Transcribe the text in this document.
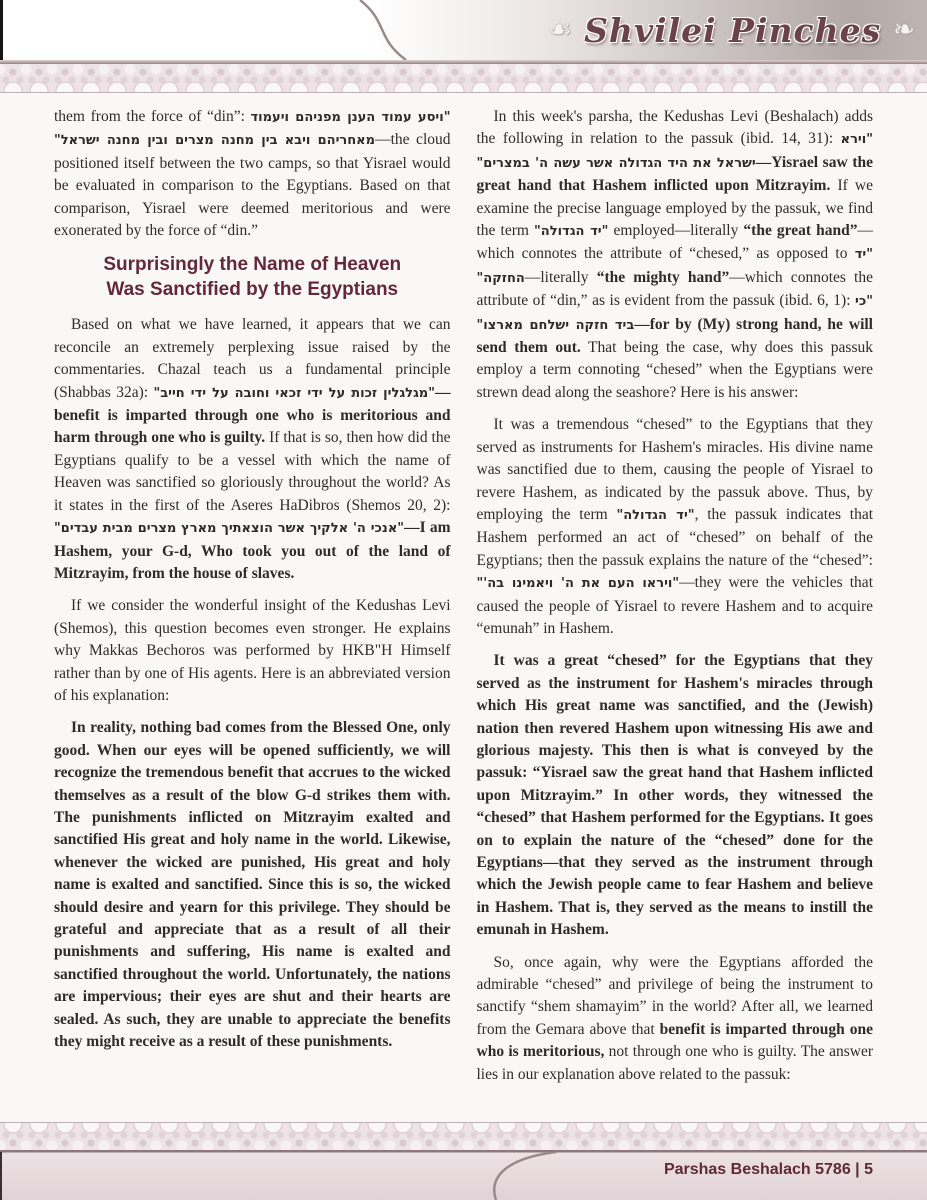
☙ Shvilei Pinches ❧

them from the force of “din”: "ויסע עמוד הענן מפניהם ויעמוד מאחריהם ויבא בין מחנה מצרים ובין מחנה ישראל"—the cloud positioned itself between the two camps, so that Yisrael would be evaluated in comparison to the Egyptians. Based on that comparison, Yisrael were deemed meritorious and were exonerated by the force of “din.”

Surprisingly the Name of Heaven
Was Sanctified by the Egyptians

Based on what we have learned, it appears that we can reconcile an extremely perplexing issue raised by the commentaries. Chazal teach us a fundamental principle (Shabbas 32a): "מגלגלין זכות על ידי זכאי וחובה על ידי חייב"—benefit is imparted through one who is meritorious and harm through one who is guilty. If that is so, then how did the Egyptians qualify to be a vessel with which the name of Heaven was sanctified so gloriously throughout the world? As it states in the first of the Aseres HaDibros (Shemos 20, 2): "אנכי ה' אלקיך אשר הוצאתיך מארץ מצרים מבית עבדים"—I am Hashem, your G-d, Who took you out of the land of Mitzrayim, from the house of slaves.

If we consider the wonderful insight of the Kedushas Levi (Shemos), this question becomes even stronger. He explains why Makkas Bechoros was performed by HKB"H Himself rather than by one of His agents. Here is an abbreviated version of his explanation:

In reality, nothing bad comes from the Blessed One, only good. When our eyes will be opened sufficiently, we will recognize the tremendous benefit that accrues to the wicked themselves as a result of the blow G-d strikes them with. The punishments inflicted on Mitzrayim exalted and sanctified His great and holy name in the world. Likewise, whenever the wicked are punished, His great and holy name is exalted and sanctified. Since this is so, the wicked should desire and yearn for this privilege. They should be grateful and appreciate that as a result of all their punishments and suffering, His name is exalted and sanctified throughout the world. Unfortunately, the nations are impervious; their eyes are shut and their hearts are sealed. As such, they are unable to appreciate the benefits they might receive as a result of these punishments.

In this week's parsha, the Kedushas Levi (Beshalach) adds the following in relation to the passuk (ibid. 14, 31): "וירא ישראל את היד הגדולה אשר עשה ה' במצרים"—Yisrael saw the great hand that Hashem inflicted upon Mitzrayim. If we examine the precise language employed by the passuk, we find the term "יד הגדולה" employed—literally “the great hand”—which connotes the attribute of “chesed,” as opposed to "יד החזקה"—literally “the mighty hand”—which connotes the attribute of “din,” as is evident from the passuk (ibid. 6, 1): "כי ביד חזקה ישלחם מארצו"—for by (My) strong hand, he will send them out. That being the case, why does this passuk employ a term connoting “chesed” when the Egyptians were strewn dead along the seashore? Here is his answer:

It was a tremendous “chesed” to the Egyptians that they served as instruments for Hashem's miracles. His divine name was sanctified due to them, causing the people of Yisrael to revere Hashem, as indicated by the passuk above. Thus, by employing the term "יד הגדולה", the passuk indicates that Hashem performed an act of “chesed” on behalf of the Egyptians; then the passuk explains the nature of the “chesed”: "ויראו העם את ה' ויאמינו בה'"—they were the vehicles that caused the people of Yisrael to revere Hashem and to acquire “emunah” in Hashem.

It was a great “chesed” for the Egyptians that they served as the instrument for Hashem's miracles through which His great name was sanctified, and the (Jewish) nation then revered Hashem upon witnessing His awe and glorious majesty. This then is what is conveyed by the passuk: “Yisrael saw the great hand that Hashem inflicted upon Mitzrayim.” In other words, they witnessed the “chesed” that Hashem performed for the Egyptians. It goes on to explain the nature of the “chesed” done for the Egyptians—that they served as the instrument through which the Jewish people came to fear Hashem and believe in Hashem. That is, they served as the means to instill the emunah in Hashem.

So, once again, why were the Egyptians afforded the admirable “chesed” and privilege of being the instrument to sanctify “shem shamayim” in the world? After all, we learned from the Gemara above that benefit is imparted through one who is meritorious, not through one who is guilty. The answer lies in our explanation above related to the passuk:

Parshas Beshalach 5786 | 5
